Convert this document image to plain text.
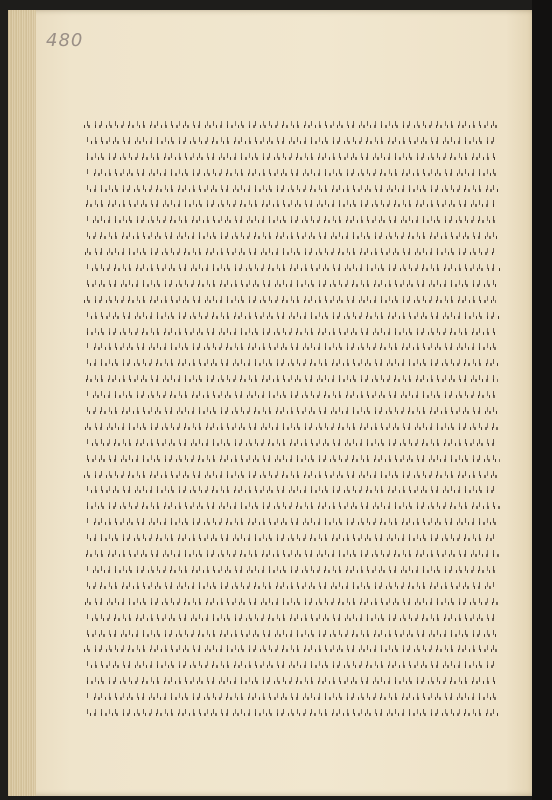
480
